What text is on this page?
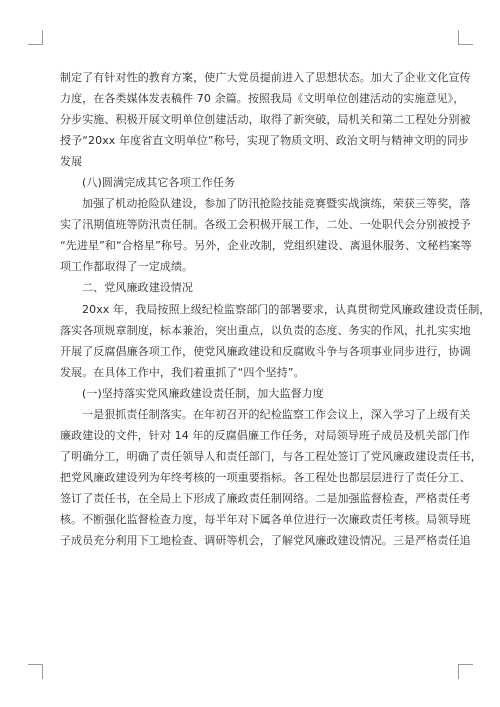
制定了有针对性的教育方案，使广大党员提前进入了思想状态。加大了企业文化宣传
力度，在各类媒体发表稿件 70 余篇。按照我局《文明单位创建活动的实施意见》，
分步实施、积极开展文明单位创建活动，取得了新突破，局机关和第二工程处分别被
授予“20xx 年度省直文明单位”称号，实现了物质文明、政治文明与精神文明的同步
发展
(八)圆满完成其它各项工作任务
加强了机动抢险队建设，参加了防汛抢险技能竞赛暨实战演练，荣获三等奖，落
实了汛期值班等防汛责任制。各级工会积极开展工作，二处、一处职代会分别被授予
“先进星”和“合格星”称号。另外，企业改制，党组织建设、离退休服务、文秘档案等
项工作都取得了一定成绩。
二、党风廉政建设情况
20xx 年，我局按照上级纪检监察部门的部署要求，认真贯彻党风廉政建设责任制，
落实各项规章制度，标本兼治，突出重点，以负责的态度、务实的作风，扎扎实实地
开展了反腐倡廉各项工作，使党风廉政建设和反腐败斗争与各项事业同步进行，协调
发展。在具体工作中，我们着重抓了“四个坚持”。
(一)坚持落实党风廉政建设责任制，加大监督力度
一是狠抓责任制落实。在年初召开的纪检监察工作会议上，深入学习了上级有关
廉政建设的文件，针对 14 年的反腐倡廉工作任务，对局领导班子成员及机关部门作
了明确分工，明确了责任领导人和责任部门，与各工程处签订了党风廉政建设责任书，
把党风廉政建设列为年终考核的一项重要指标。各工程处也都层层进行了责任分工、
签订了责任书，在全局上下形成了廉政责任制网络。二是加强监督检查，严格责任考
核。不断强化监督检查力度，每半年对下属各单位进行一次廉政责任考核。局领导班
子成员充分利用下工地检查、调研等机会，了解党风廉政建设情况。三是严格责任追
